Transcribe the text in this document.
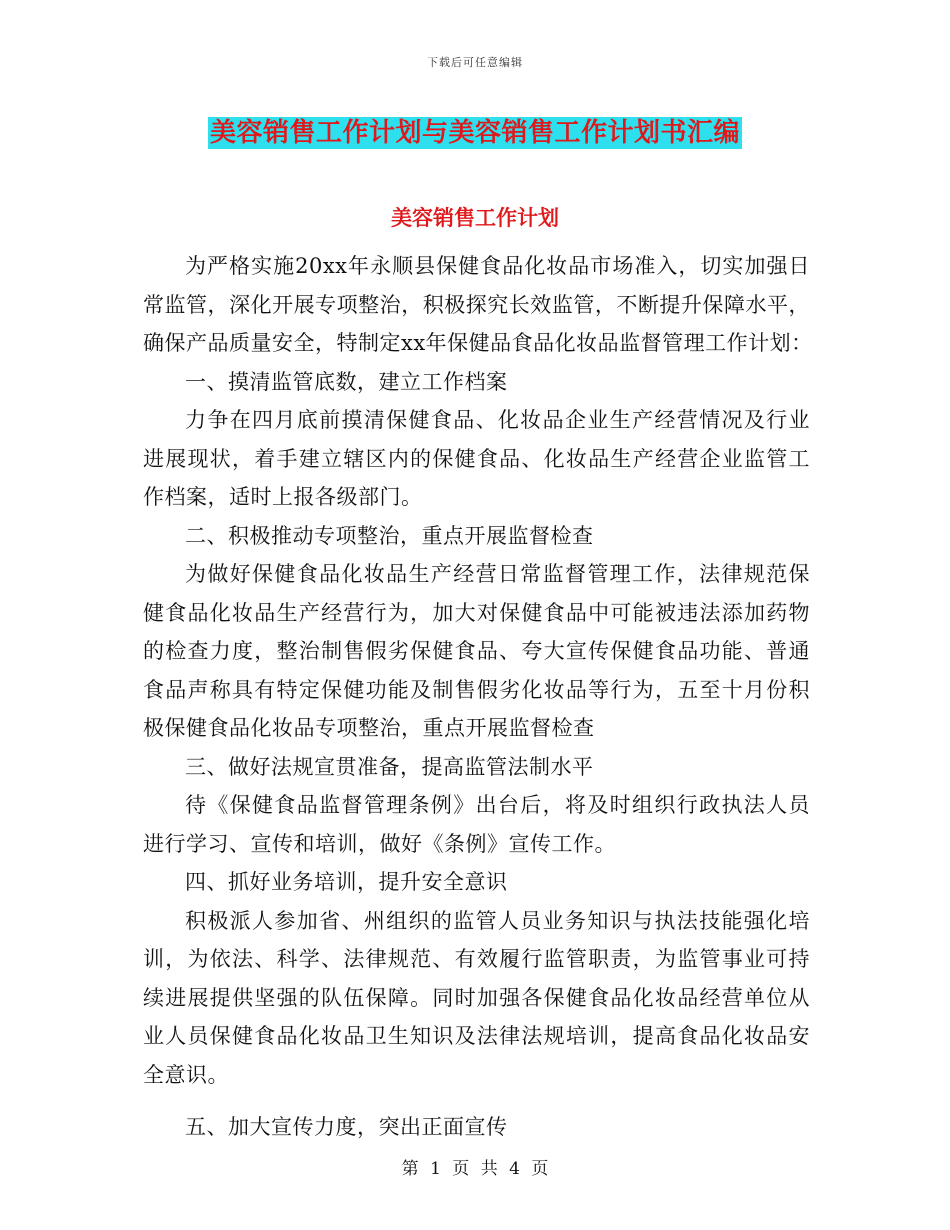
下载后可任意编辑
美容销售工作计划与美容销售工作计划书汇编
美容销售工作计划
为严格实施20xx年永顺县保健食品化妆品市场准入，切实加强日
常监管，深化开展专项整治，积极探究长效监管，不断提升保障水平，
确保产品质量安全，特制定xx年保健品食品化妆品监督管理工作计划：
一、摸清监管底数，建立工作档案
力争在四月底前摸清保健食品、化妆品企业生产经营情况及行业
进展现状，着手建立辖区内的保健食品、化妆品生产经营企业监管工
作档案，适时上报各级部门。
二、积极推动专项整治，重点开展监督检查
为做好保健食品化妆品生产经营日常监督管理工作，法律规范保
健食品化妆品生产经营行为，加大对保健食品中可能被违法添加药物
的检查力度，整治制售假劣保健食品、夸大宣传保健食品功能、普通
食品声称具有特定保健功能及制售假劣化妆品等行为，五至十月份积
极保健食品化妆品专项整治，重点开展监督检查
三、做好法规宣贯准备，提高监管法制水平
待《保健食品监督管理条例》出台后，将及时组织行政执法人员
进行学习、宣传和培训，做好《条例》宣传工作。
四、抓好业务培训，提升安全意识
积极派人参加省、州组织的监管人员业务知识与执法技能强化培
训，为依法、科学、法律规范、有效履行监管职责，为监管事业可持
续进展提供坚强的队伍保障。同时加强各保健食品化妆品经营单位从
业人员保健食品化妆品卫生知识及法律法规培训，提高食品化妆品安
全意识。
五、加大宣传力度，突出正面宣传
第 1 页 共 4 页
